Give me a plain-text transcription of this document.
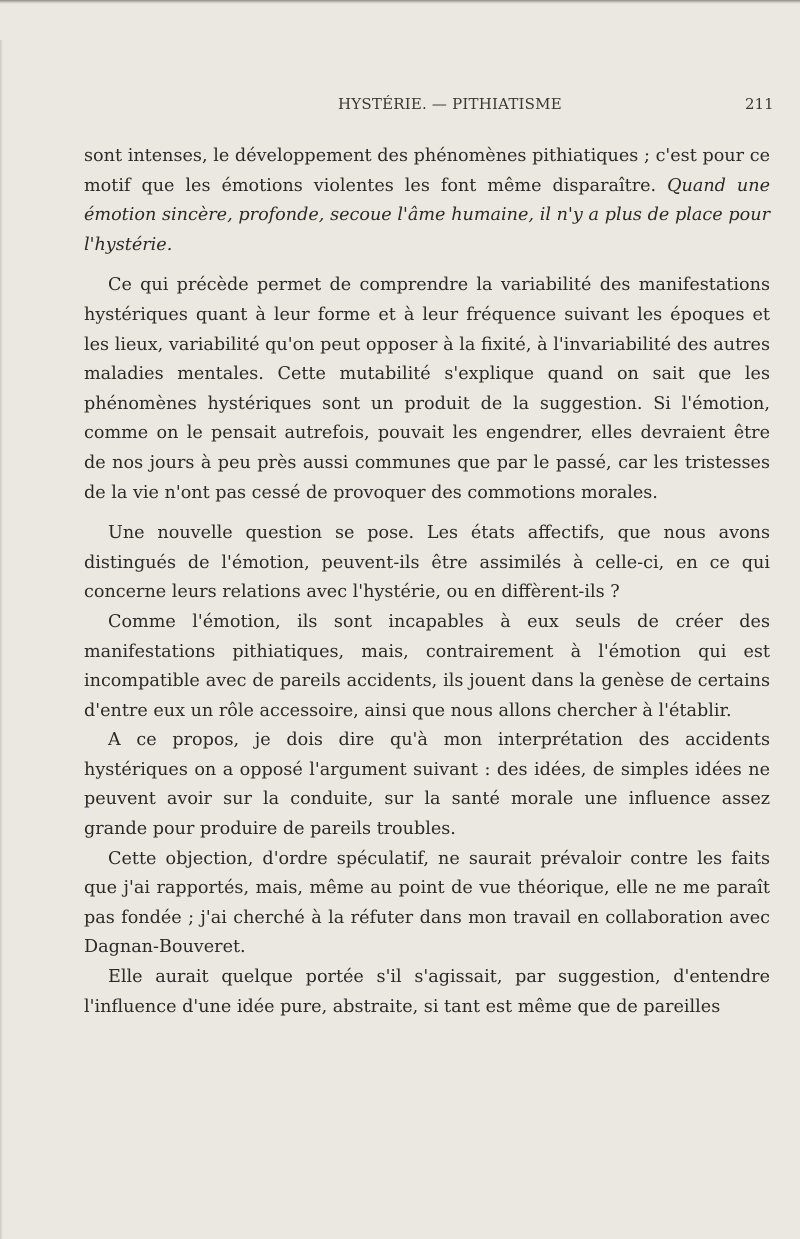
HYSTÉRIE. — PITHIATISME	211

sont intenses, le développement des phénomènes pithiatiques ; c'est pour ce motif que les émotions violentes les font même disparaître. Quand une émotion sincère, profonde, secoue l'âme humaine, il n'y a plus de place pour l'hystérie.

Ce qui précède permet de comprendre la variabilité des manifestations hystériques quant à leur forme et à leur fréquence suivant les époques et les lieux, variabilité qu'on peut opposer à la fixité, à l'invariabilité des autres maladies mentales. Cette mutabilité s'explique quand on sait que les phénomènes hystériques sont un produit de la suggestion. Si l'émotion, comme on le pensait autrefois, pouvait les engendrer, elles devraient être de nos jours à peu près aussi communes que par le passé, car les tristesses de la vie n'ont pas cessé de provoquer des commotions morales.

Une nouvelle question se pose. Les états affectifs, que nous avons distingués de l'émotion, peuvent-ils être assimilés à celle-ci, en ce qui concerne leurs relations avec l'hystérie, ou en diffèrent-ils ?

Comme l'émotion, ils sont incapables à eux seuls de créer des manifestations pithiatiques, mais, contrairement à l'émotion qui est incompatible avec de pareils accidents, ils jouent dans la genèse de certains d'entre eux un rôle accessoire, ainsi que nous allons chercher à l'établir.

A ce propos, je dois dire qu'à mon interprétation des accidents hystériques on a opposé l'argument suivant : des idées, de simples idées ne peuvent avoir sur la conduite, sur la santé morale une influence assez grande pour produire de pareils troubles.

Cette objection, d'ordre spéculatif, ne saurait prévaloir contre les faits que j'ai rapportés, mais, même au point de vue théorique, elle ne me paraît pas fondée ; j'ai cherché à la réfuter dans mon travail en collaboration avec Dagnan-Bouveret.

Elle aurait quelque portée s'il s'agissait, par suggestion, d'entendre l'influence d'une idée pure, abstraite, si tant est même que de pareilles
